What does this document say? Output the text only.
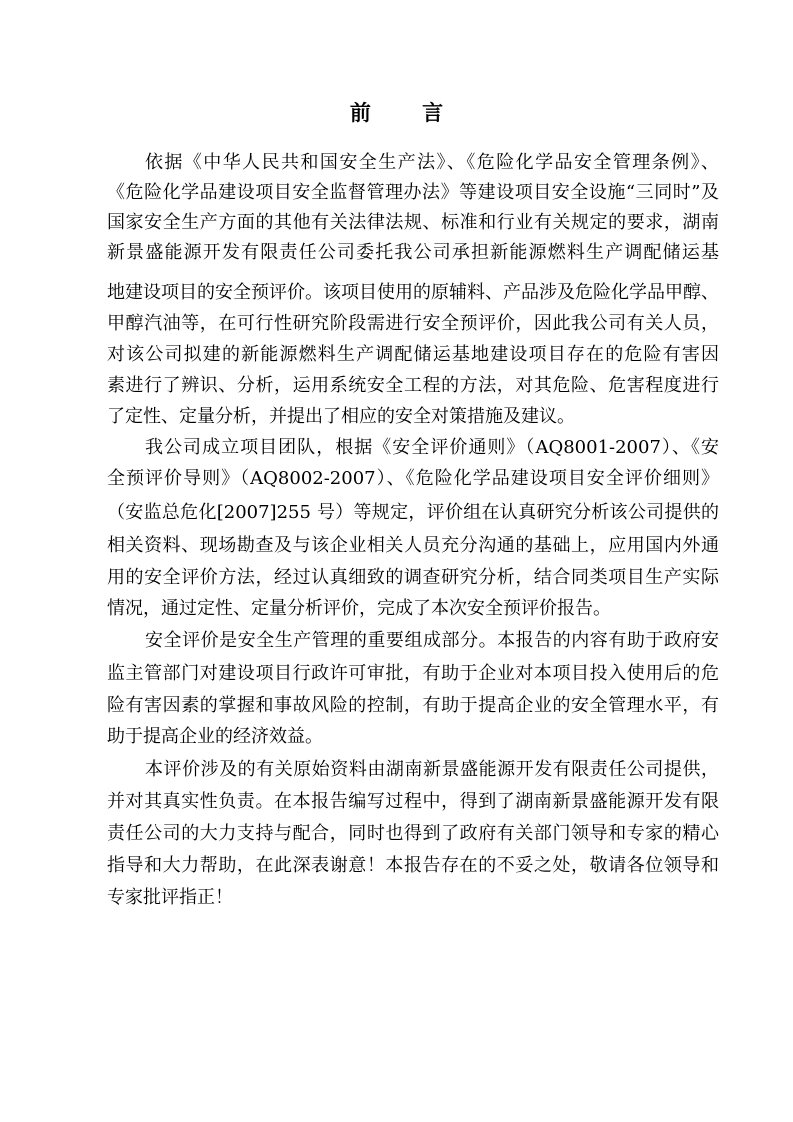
前 言
依据《中华人民共和国安全生产法》、《危险化学品安全管理条例》、
《危险化学品建设项目安全监督管理办法》等建设项目安全设施“三同时”及
国家安全生产方面的其他有关法律法规、标准和行业有关规定的要求，湖南
新景盛能源开发有限责任公司委托我公司承担新能源燃料生产调配储运基
地建设项目的安全预评价。该项目使用的原辅料、产品涉及危险化学品甲醇、
甲醇汽油等，在可行性研究阶段需进行安全预评价，因此我公司有关人员，
对该公司拟建的新能源燃料生产调配储运基地建设项目存在的危险有害因
素进行了辨识、分析，运用系统安全工程的方法，对其危险、危害程度进行
了定性、定量分析，并提出了相应的安全对策措施及建议。
我公司成立项目团队，根据《安全评价通则》（AQ8001-2007）、《安
全预评价导则》（AQ8002-2007）、《危险化学品建设项目安全评价细则》
（安监总危化[2007]255 号）等规定，评价组在认真研究分析该公司提供的
相关资料、现场勘查及与该企业相关人员充分沟通的基础上，应用国内外通
用的安全评价方法，经过认真细致的调查研究分析，结合同类项目生产实际
情况，通过定性、定量分析评价，完成了本次安全预评价报告。
安全评价是安全生产管理的重要组成部分。本报告的内容有助于政府安
监主管部门对建设项目行政许可审批，有助于企业对本项目投入使用后的危
险有害因素的掌握和事故风险的控制，有助于提高企业的安全管理水平，有
助于提高企业的经济效益。
本评价涉及的有关原始资料由湖南新景盛能源开发有限责任公司提供，
并对其真实性负责。在本报告编写过程中，得到了湖南新景盛能源开发有限
责任公司的大力支持与配合，同时也得到了政府有关部门领导和专家的精心
指导和大力帮助，在此深表谢意！本报告存在的不妥之处，敬请各位领导和
专家批评指正！
